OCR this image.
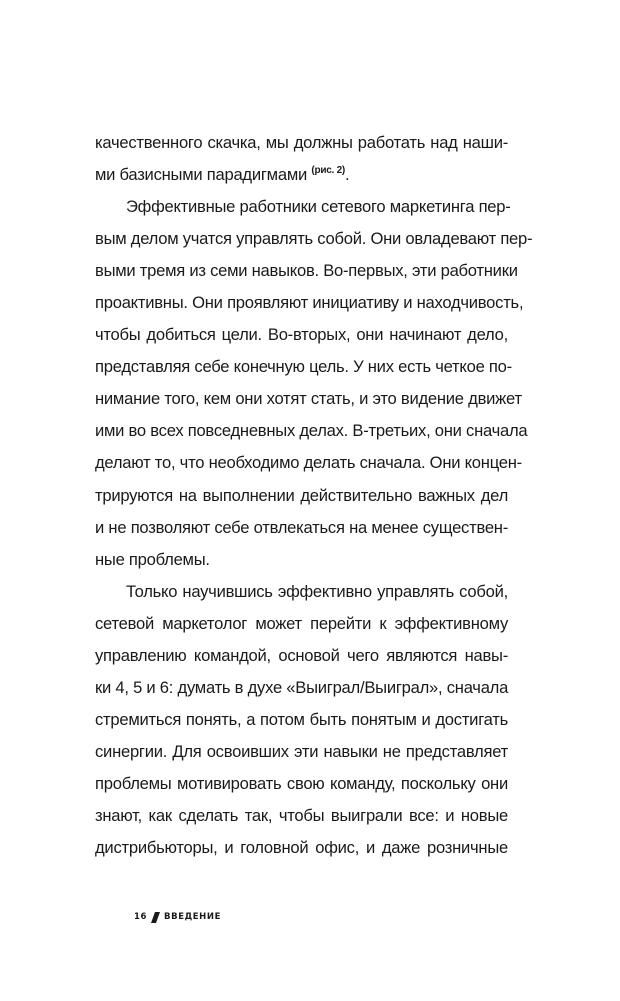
качественного скачка, мы должны работать над наши-
ми базисными парадигмами $^{(рис. 2)}$.
Эффективные работники сетевого маркетинга пер-
вым делом учатся управлять собой. Они овладевают пер-
выми тремя из семи навыков. Во-первых, эти работники
проактивны. Они проявляют инициативу и находчивость,
чтобы добиться цели. Во-вторых, они начинают дело,
представляя себе конечную цель. У них есть четкое по-
нимание того, кем они хотят стать, и это видение движет
ими во всех повседневных делах. В-третьих, они сначала
делают то, что необходимо делать сначала. Они концен-
трируются на выполнении действительно важных дел
и не позволяют себе отвлекаться на менее существен-
ные проблемы.
Только научившись эффективно управлять собой,
сетевой маркетолог может перейти к эффективному
управлению командой, основой чего являются навы-
ки 4, 5 и 6: думать в духе «Выиграл/Выиграл», сначала
стремиться понять, а потом быть понятым и достигать
синергии. Для освоивших эти навыки не представляет
проблемы мотивировать свою команду, поскольку они
знают, как сделать так, чтобы выиграли все: и новые
дистрибьюторы, и головной офис, и даже розничные
16 ВВЕДЕНИЕ
